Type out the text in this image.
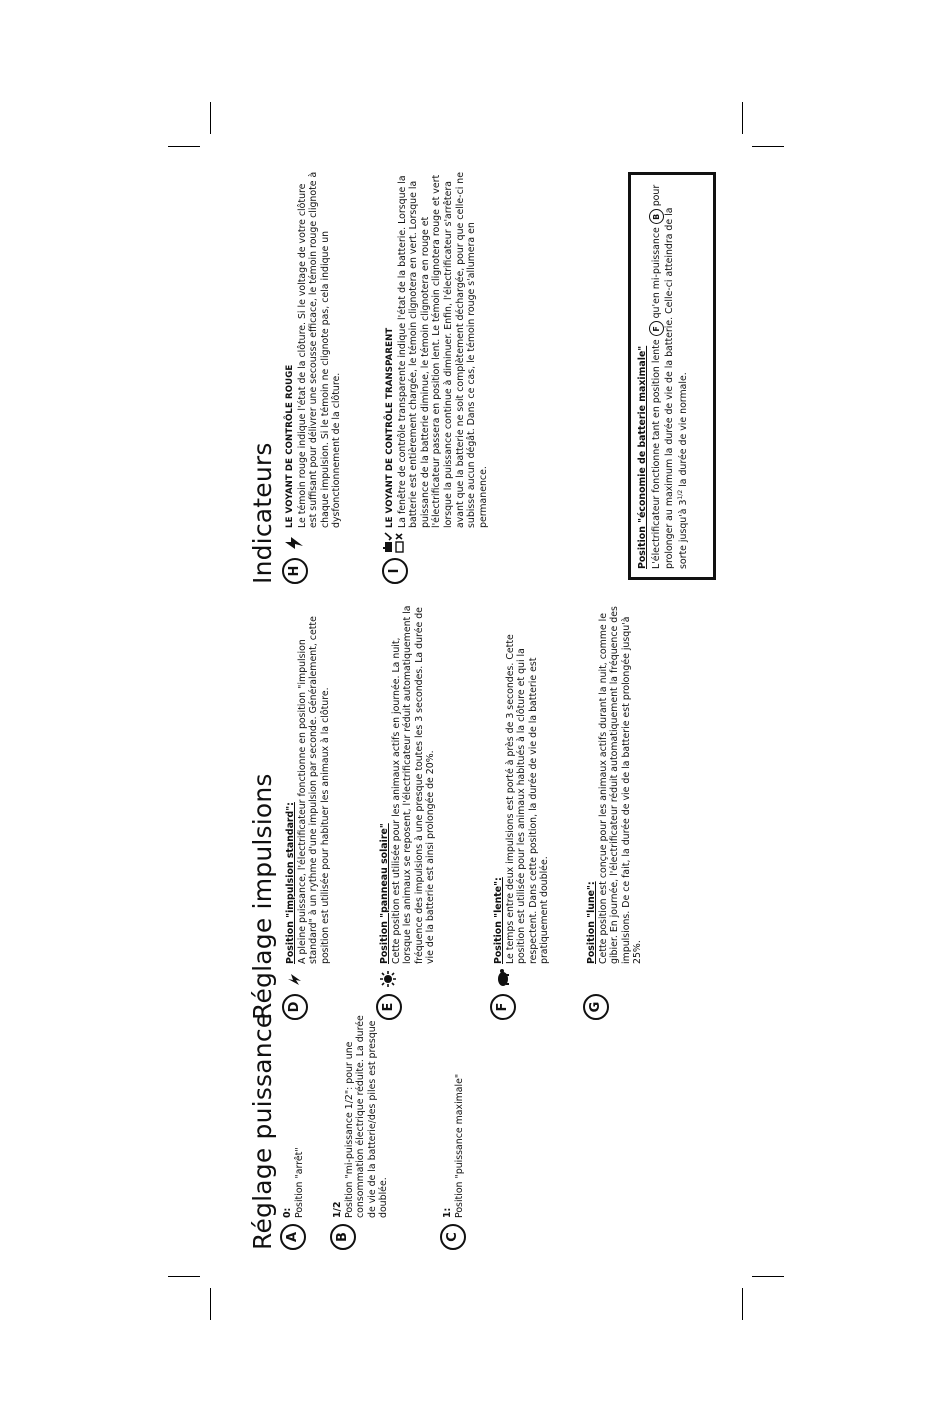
Réglage puissance A

0: Position "arrêt"

B

1/2 Position "mi-puissance 1/2": pour une consommation électrique réduite. La durée de vie de la batterie/des piles est presque doublée.

C

1: Position "puissance maximale"

Réglage impulsions D

Position "impulsion standard": A pleine puissance, l'électrificateur fonctionne en position "impulsion standard" à un rythme d'une impulsion par seconde. Généralement, cette position est utilisée pour habituer les animaux à la clôture.

E

Position "panneau solaire" Cette position est utilisée pour les animaux actifs en journée. La nuit, lorsque les animaux se reposent, l'électrificateur réduit automatiquement la fréquence des impulsions à une presque toutes les 3 secondes. La durée de vie de la batterie est ainsi prolongée de 20%.

F

Position "lente": Le temps entre deux impulsions est porté à près de 3 secondes. Cette position est utilisée pour les animaux habitués à la clôture et qui la respectent. Dans cette position, la durée de vie de la batterie est pratiquement doublée.

G

Position "lune": Cette position est conçue pour les animaux actifs durant la nuit, comme le gibier. En journée, l'électrificateur réduit automatiquement la fréquence des impulsions. De ce fait, la durée de vie de la batterie est prolongée jusqu'à 25%.

Indicateurs H

LE VOYANT DE CONTRÔLE ROUGE Le témoin rouge indique l'état de la clôture. Si le voltage de votre clôture est suffisant pour délivrer une secousse efficace, le témoin rouge clignote à chaque impulsion. Si le témoin ne clignote pas, cela indique un dysfonctionnement de la clôture.

I

LE VOYANT DE CONTRÔLE TRANSPARENT La fenêtre de contrôle transparente indique l'état de la batterie. Lorsque la batterie est entièrement chargée, le témoin clignotera en vert. Lorsque la puissance de la batterie diminue, le témoin clignotera en rouge et l'électrificateur passera en position lent. Le témoin clignotera rouge et vert lorsque la puissance continue à diminuer. Enfin, l'électrificateur s'arrêtera avant que la batterie ne soit complètement déchargée, pour que celle-ci ne subisse aucun dégât. Dans ce cas, le témoin rouge s'allumera en permanence.	Position "économie de batterie maximale" L'électrificateur fonctionne tant en position lente F qu'en mi-puissance B pour prolonger au maximum la durée de vie de la batterie. Celle-ci atteindra de la sorte jusqu'à $3^{1/2}$ la durée de vie normale.
